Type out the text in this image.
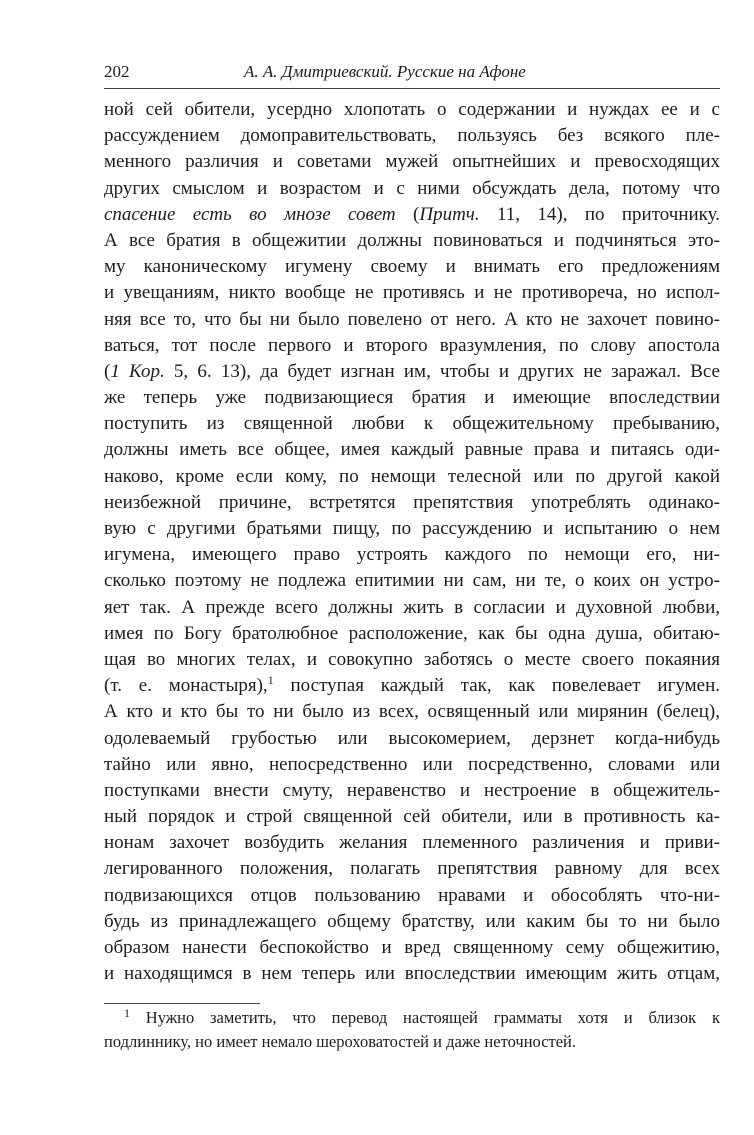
202	А. А. Дмитриевский. Русские на Афоне
ной сей обители, усердно хлопотать о содержании и нуждах ее и с
рассуждением домоправительствовать, пользуясь без всякого пле-
менного различия и советами мужей опытнейших и превосходящих
других смыслом и возрастом и с ними обсуждать дела, потому что
спасение есть во мнозе совет (Притч. 11, 14), по приточнику.
А все братия в общежитии должны повиноваться и подчиняться это-
му каноническому игумену своему и внимать его предложениям
и увещаниям, никто вообще не противясь и не противореча, но испол-
няя все то, что бы ни было повелено от него. А кто не захочет повино-
ваться, тот после первого и второго вразумления, по слову апостола
(1 Кор. 5, 6. 13), да будет изгнан им, чтобы и других не заражал. Все
же теперь уже подвизающиеся братия и имеющие впоследствии
поступить из священной любви к общежительному пребыванию,
должны иметь все общее, имея каждый равные права и питаясь оди-
наково, кроме если кому, по немощи телесной или по другой какой
неизбежной причине, встретятся препятствия употреблять одинако-
вую с другими братьями пищу, по рассуждению и испытанию о нем
игумена, имеющего право устроять каждого по немощи его, ни-
сколько поэтому не подлежа епитимии ни сам, ни те, о коих он устро-
яет так. А прежде всего должны жить в согласии и духовной любви,
имея по Богу братолюбное расположение, как бы одна душа, обитаю-
щая во многих телах, и совокупно заботясь о месте своего покаяния
(т. е. монастыря),$^1$ поступая каждый так, как повелевает игумен.
А кто и кто бы то ни было из всех, освященный или мирянин (белец),
одолеваемый грубостью или высокомерием, дерзнет когда-нибудь
тайно или явно, непосредственно или посредственно, словами или
поступками внести смуту, неравенство и нестроение в общежитель-
ный порядок и строй священной сей обители, или в противность ка-
нонам захочет возбудить желания племенного различения и приви-
легированного положения, полагать препятствия равному для всех
подвизающихся отцов пользованию нравами и обособлять что-ни-
будь из принадлежащего общему братству, или каким бы то ни было
образом нанести беспокойство и вред священному сему общежитию,
и находящимся в нем теперь или впоследствии имеющим жить отцам,
$^1$ Нужно заметить, что перевод настоящей грамматы хотя и близок к
подлиннику, но имеет немало шероховатостей и даже неточностей.
